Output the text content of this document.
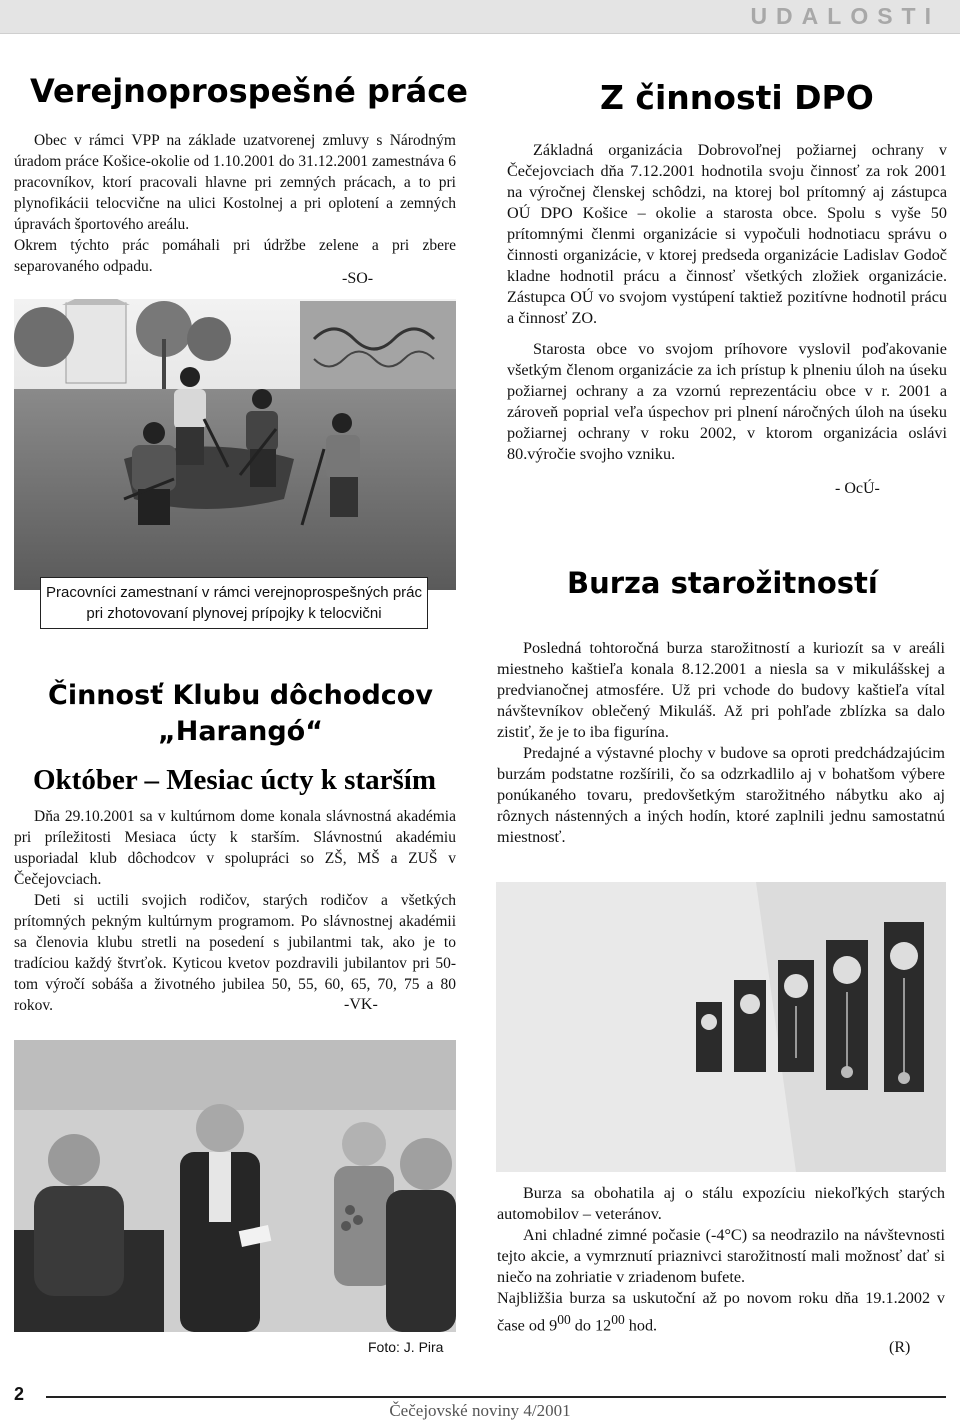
UDALOSTI
Verejnoprospešné práce

Obec v rámci VPP na základe uzatvorenej zmluvy s Národným úradom práce Košice-okolie od 1.10.2001 do 31.12.2001 zamestnáva 6 pracovníkov, ktorí pracovali hlavne pri zemných prácach, a to pri plynofikácii telocvične na ulici Kostolnej a pri oplotení a zemných úpravách športového areálu.

Okrem týchto prác pomáhali pri údržbe zelene a pri zbere separovaného odpadu.

-SO-
Pracovníci zamestnaní v rámci verejnoprospešných prác
pri zhotovovaní plynovej prípojky k telocvični
Z činnosti DPO

Základná organizácia Dobrovoľnej požiarnej ochrany v Čečejovciach dňa 7.12.2001 hodnotila svoju činnosť za rok 2001 na výročnej členskej schôdzi, na ktorej bol prítomný aj zástupca OÚ DPO Košice – okolie a starosta obce. Spolu s vyše 50 prítomnými členmi organizácie si vypočuli hodnotiacu správu o činnosti organizácie, v ktorej predseda organizácie Ladislav Godoč kladne hodnotil prácu a činnosť všetkých zložiek organizácie. Zástupca OÚ vo svojom vystúpení taktiež pozitívne hodnotil prácu a činnosť ZO.

Starosta obce vo svojom príhovore vyslovil poďakovanie všetkým členom organizácie za ich prístup k plneniu úloh na úseku požiarnej ochrany a za vzornú reprezentáciu obce v r. 2001 a zároveň poprial veľa úspechov pri plnení náročných úloh na úseku požiarnej ochrany v roku 2002, v ktorom organizácia oslávi 80.výročie svojho vzniku.

- OcÚ-
Burza starožitností

Posledná tohtoročná burza starožitností a kuriozít sa v areáli miestneho kaštieľa konala 8.12.2001 a niesla sa v mikulášskej a predvianočnej atmosfére. Už pri vchode do budovy kaštieľa vítal návštevníkov oblečený Mikuláš. Až pri pohľade zblízka sa dalo zistiť, že je to iba figurína.

Predajné a výstavné plochy v budove sa oproti predchádzajúcim burzám podstatne rozšírili, čo sa odzrkadlilo aj v bohatšom výbere ponúkaného tovaru, predovšetkým starožitného nábytku ako aj rôznych nástenných a iných hodín, ktoré zaplnili jednu samostatnú miestnosť.

Burza sa obohatila aj o stálu expozíciu niekoľkých starých automobilov – veteránov.

Ani chladné zimné počasie (-4°C) sa neodrazilo na návštevnosti tejto akcie, a vymrznutí priaznivci starožitností mali možnosť dať si niečo na zohriatie v zriadenom bufete.

Najbližšia burza sa uskutoční až po novom roku dňa 19.1.2002 v čase od $9^{00}$ do $12^{00}$ hod.

(R)
Činnosť Klubu dôchodcov
„Harangó“
Október – Mesiac úcty k starším

Dňa 29.10.2001 sa v kultúrnom dome konala slávnostná akadémia pri príležitosti Mesiaca úcty k starším. Slávnostnú akadémiu usporiadal klub dôchodcov v spolupráci so ZŠ, MŠ a ZUŠ v Čečejovciach.

Deti si uctili svojich rodičov, starých rodičov a všetkých prítomných pekným kultúrnym programom. Po slávnostnej akadémii sa členovia klubu stretli na posedení s jubilantmi tak, ako je to tradíciou každý štvrťok. Kyticou kvetov pozdravili jubilantov pri 50-tom výročí sobáša a životného jubilea 50, 55, 60, 65, 70, 75 a 80 rokov.	-VK-
Foto: J. Pira
2
Čečejovské noviny 4/2001
